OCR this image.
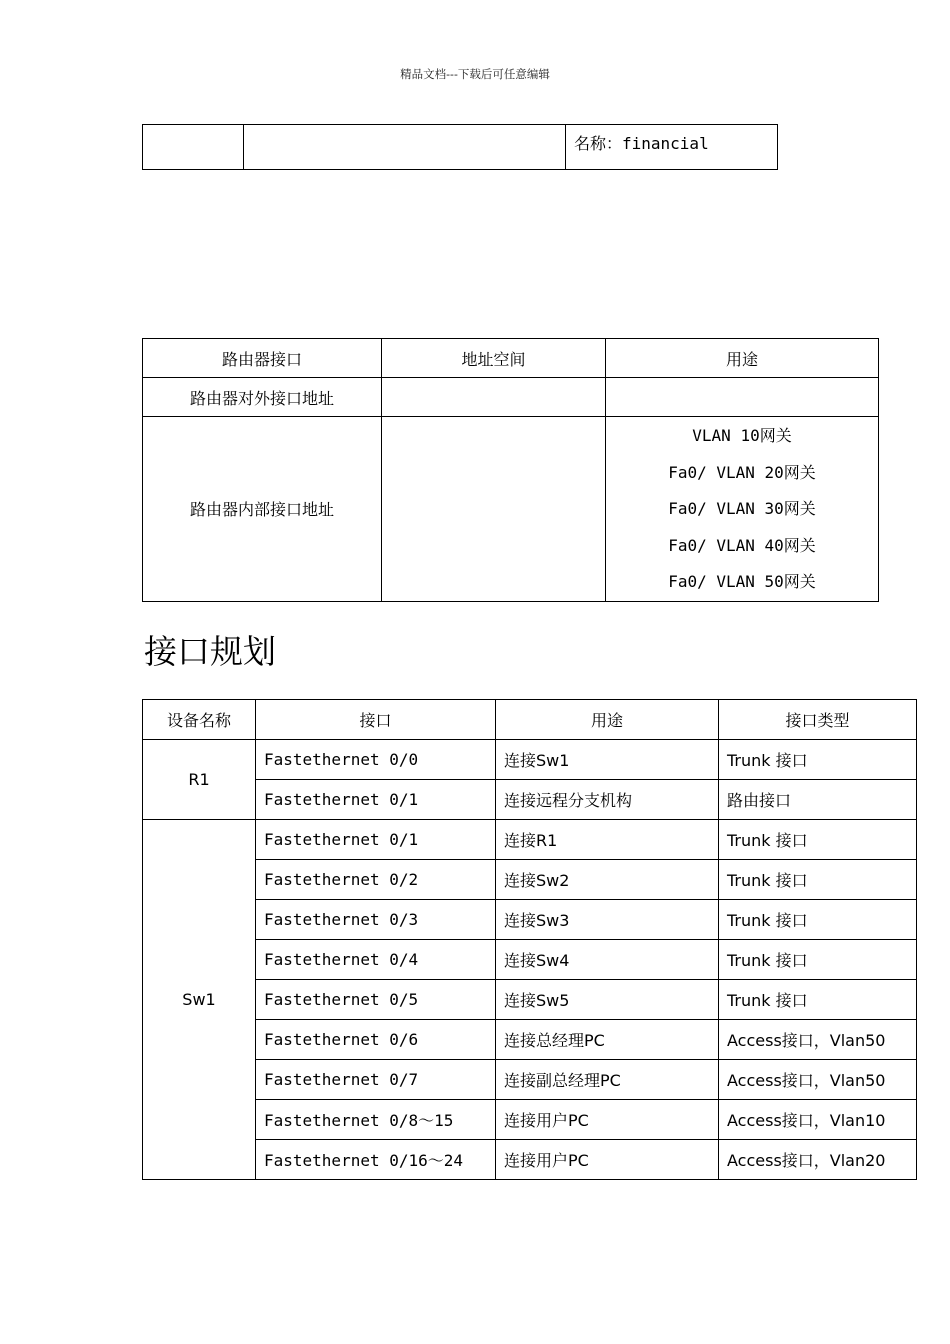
精品文档---下载后可任意编辑
		名称：financial
路由器接口	地址空间	用途
路由器对外接口地址		
路由器内部接口地址		VLAN 10网关
Fa0/ VLAN 20网关
Fa0/ VLAN 30网关
Fa0/ VLAN 40网关
Fa0/ VLAN 50网关
接口规划
设备名称	接口	用途	接口类型
R1	Fastethernet 0/0	连接Sw1	Trunk 接口
	Fastethernet 0/1	连接远程分支机构	路由接口
Sw1	Fastethernet 0/1	连接R1	Trunk 接口
	Fastethernet 0/2	连接Sw2	Trunk 接口
	Fastethernet 0/3	连接Sw3	Trunk 接口
	Fastethernet 0/4	连接Sw4	Trunk 接口
	Fastethernet 0/5	连接Sw5	Trunk 接口
	Fastethernet 0/6	连接总经理PC	Access接口，Vlan50
	Fastethernet 0/7	连接副总经理PC	Access接口，Vlan50
	Fastethernet 0/8～15	连接用户PC	Access接口，Vlan10
	Fastethernet 0/16～24	连接用户PC	Access接口，Vlan20
